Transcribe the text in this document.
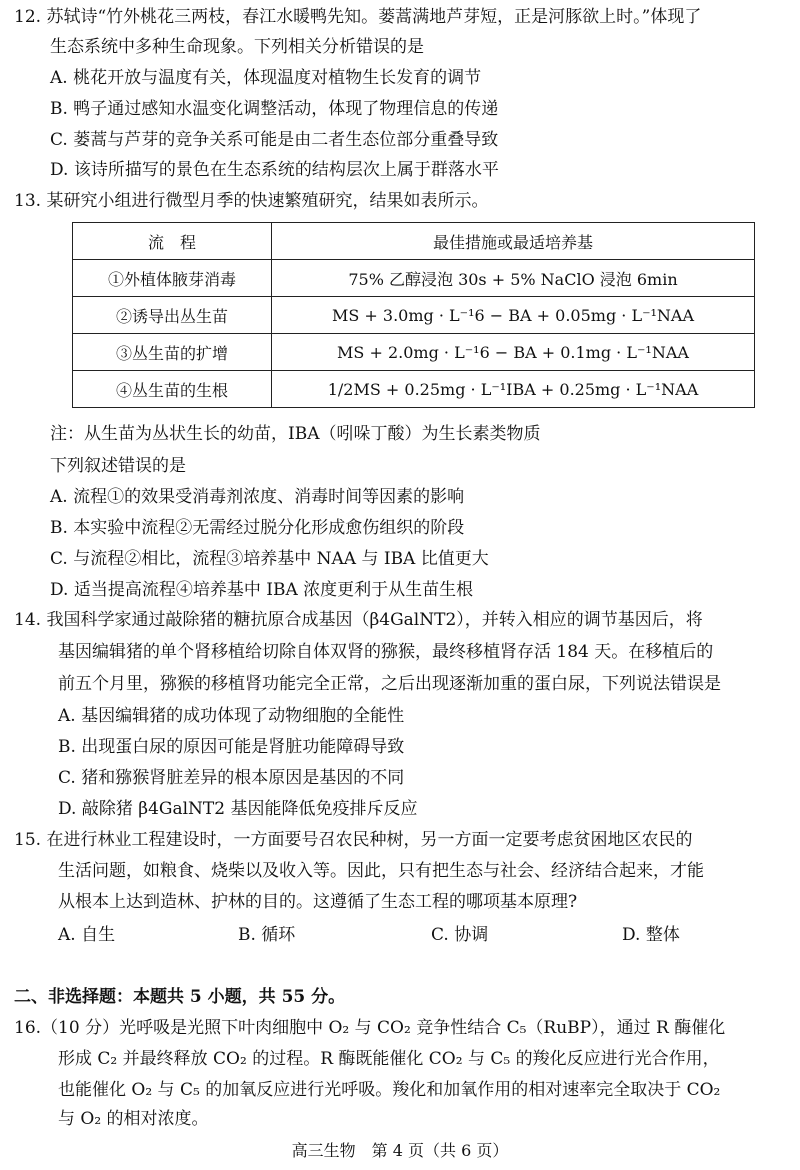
12. 苏轼诗“竹外桃花三两枝，春江水暖鸭先知。蒌蒿满地芦芽短，正是河豚欲上时。”体现了
生态系统中多种生命现象。下列相关分析错误的是
A. 桃花开放与温度有关，体现温度对植物生长发育的调节
B. 鸭子通过感知水温变化调整活动，体现了物理信息的传递
C. 蒌蒿与芦芽的竞争关系可能是由二者生态位部分重叠导致
D. 该诗所描写的景色在生态系统的结构层次上属于群落水平
13. 某研究小组进行微型月季的快速繁殖研究，结果如表所示。
流　程	最佳措施或最适培养基
①外植体腋芽消毒	75% 乙醇浸泡 30s + 5% NaClO 浸泡 6min
②诱导出丛生苗	MS + 3.0mg · L⁻¹6 − BA + 0.05mg · L⁻¹NAA
③丛生苗的扩增	MS + 2.0mg · L⁻¹6 − BA + 0.1mg · L⁻¹NAA
④丛生苗的生根	1/2MS + 0.25mg · L⁻¹IBA + 0.25mg · L⁻¹NAA
注：从生苗为丛状生长的幼苗，IBA（吲哚丁酸）为生长素类物质
下列叙述错误的是
A. 流程①的效果受消毒剂浓度、消毒时间等因素的影响
B. 本实验中流程②无需经过脱分化形成愈伤组织的阶段
C. 与流程②相比，流程③培养基中 NAA 与 IBA 比值更大
D. 适当提高流程④培养基中 IBA 浓度更利于从生苗生根
14. 我国科学家通过敲除猪的糖抗原合成基因（β4GalNT2），并转入相应的调节基因后，将
基因编辑猪的单个肾移植给切除自体双肾的猕猴，最终移植肾存活 184 天。在移植后的
前五个月里，猕猴的移植肾功能完全正常，之后出现逐渐加重的蛋白尿，下列说法错误是
A. 基因编辑猪的成功体现了动物细胞的全能性
B. 出现蛋白尿的原因可能是肾脏功能障碍导致
C. 猪和猕猴肾脏差异的根本原因是基因的不同
D. 敲除猪 β4GalNT2 基因能降低免疫排斥反应
15. 在进行林业工程建设时，一方面要号召农民种树，另一方面一定要考虑贫困地区农民的
生活问题，如粮食、烧柴以及收入等。因此，只有把生态与社会、经济结合起来，才能
从根本上达到造林、护林的目的。这遵循了生态工程的哪项基本原理?
A. 自生	B. 循环	C. 协调	D. 整体
二、非选择题：本题共 5 小题，共 55 分。
16.（10 分）光呼吸是光照下叶肉细胞中 O₂ 与 CO₂ 竞争性结合 C₅（RuBP），通过 R 酶催化
形成 C₂ 并最终释放 CO₂ 的过程。R 酶既能催化 CO₂ 与 C₅ 的羧化反应进行光合作用，
也能催化 O₂ 与 C₅ 的加氧反应进行光呼吸。羧化和加氧作用的相对速率完全取决于 CO₂
与 O₂ 的相对浓度。
高三生物　第 4 页（共 6 页）
